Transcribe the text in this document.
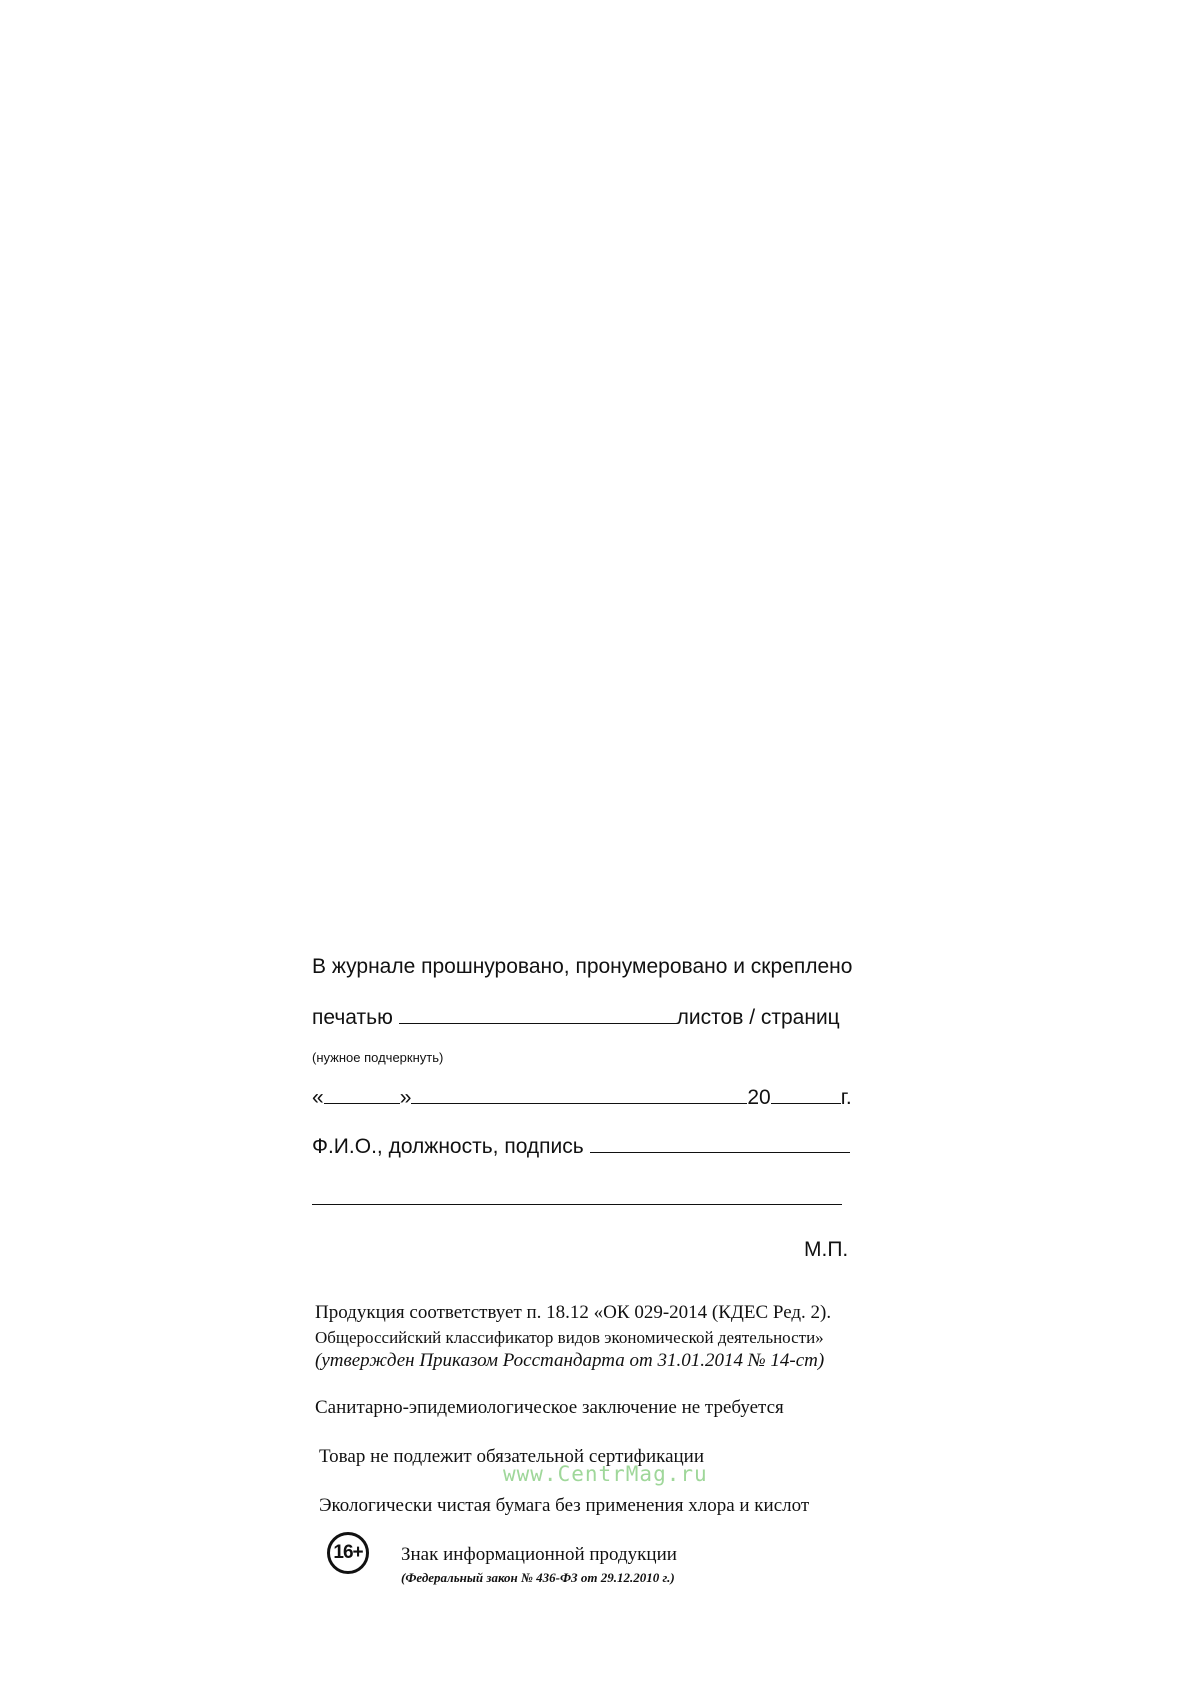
В журнале прошнуровано, пронумеровано и скреплено
печатью	листов / страниц
(нужное подчеркнуть)
«	»	20	г.
Ф.И.О., должность, подпись
М.П.
Продукция соответствует п. 18.12 «ОК 029-2014 (КДЕС Ред. 2).
Общероссийский классификатор видов экономической деятельности»
(утвержден Приказом Росстандарта от 31.01.2014 № 14-ст)
Санитарно-эпидемиологическое заключение не требуется
Товар не подлежит обязательной сертификации
www.CentrMag.ru
Экологически чистая бумага без применения хлора и кислот
16+	Знак информационной продукции
(Федеральный закон № 436-ФЗ от 29.12.2010 г.)
